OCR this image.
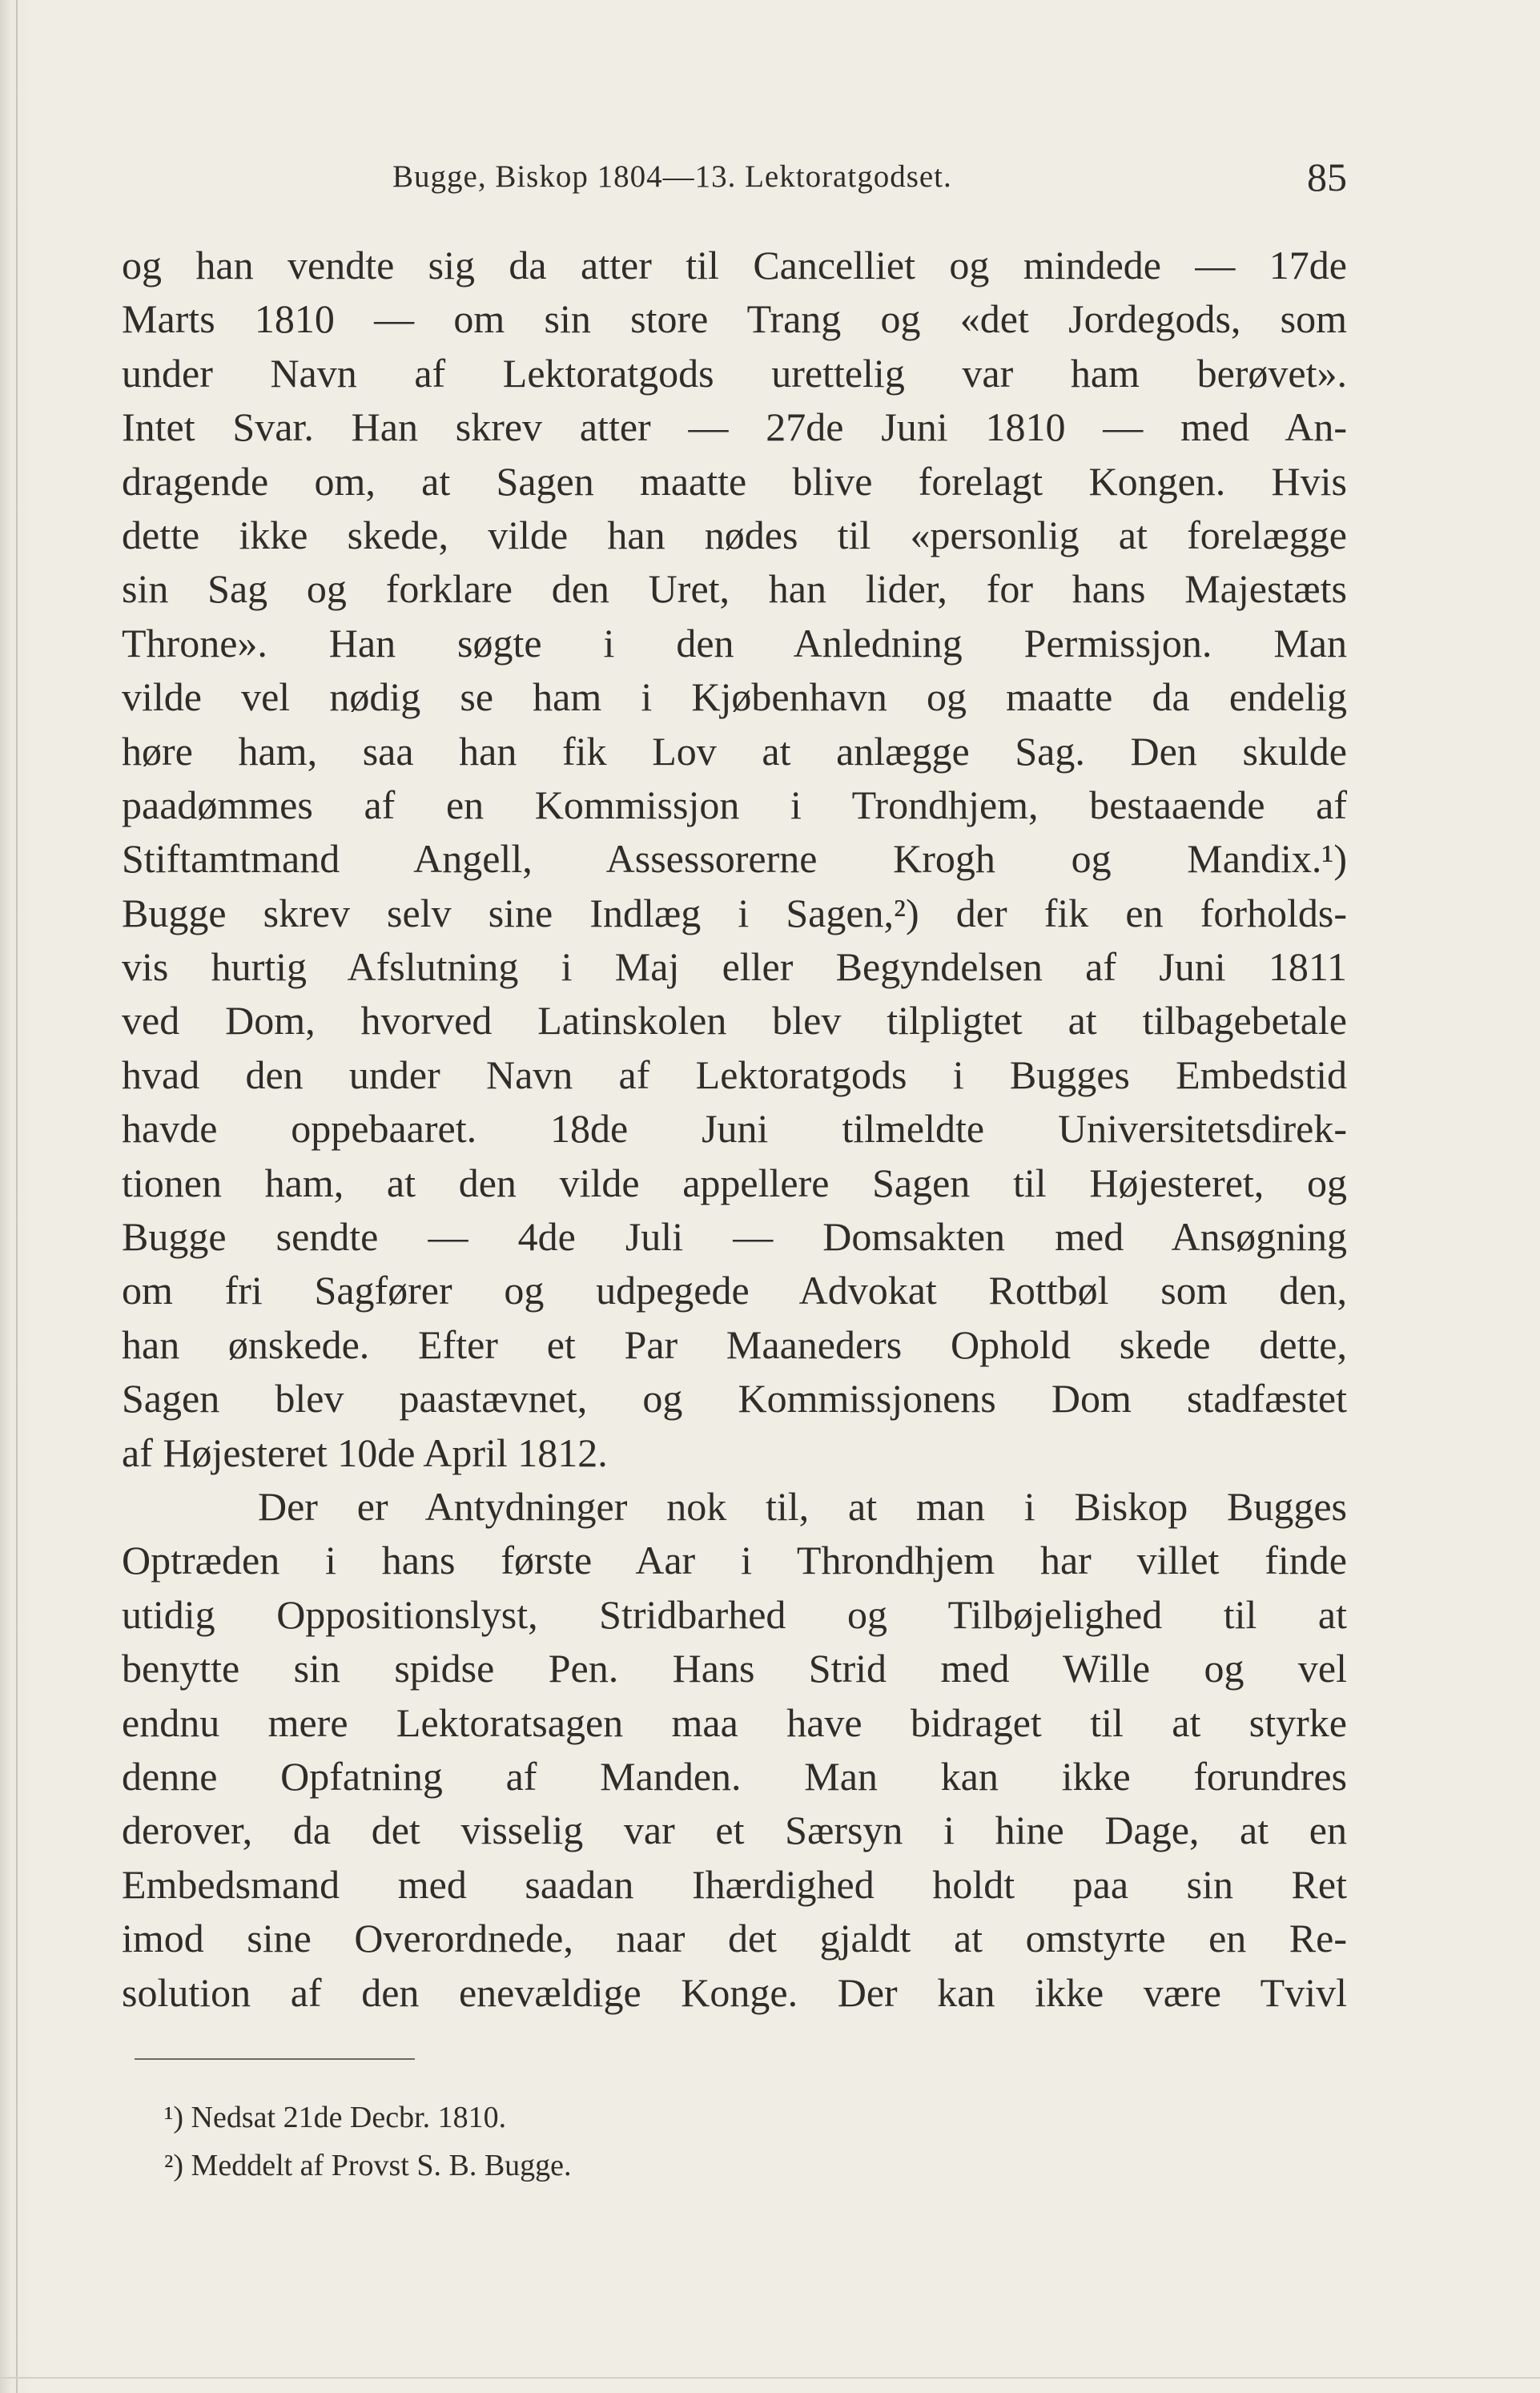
Bugge, Biskop 1804—13. Lektoratgodset.	85
og han vendte sig da atter til Cancelliet og mindede — 17de
Marts 1810 — om sin store Trang og «det Jordegods, som
under Navn af Lektoratgods urettelig var ham berøvet».
Intet Svar. Han skrev atter — 27de Juni 1810 — med An-
dragende om, at Sagen maatte blive forelagt Kongen. Hvis
dette ikke skede, vilde han nødes til «personlig at forelægge
sin Sag og forklare den Uret, han lider, for hans Majestæts
Throne». Han søgte i den Anledning Permissjon. Man
vilde vel nødig se ham i Kjøbenhavn og maatte da endelig
høre ham, saa han fik Lov at anlægge Sag. Den skulde
paadømmes af en Kommissjon i Trondhjem, bestaaende af
Stiftamtmand Angell, Assessorerne Krogh og Mandix.¹)
Bugge skrev selv sine Indlæg i Sagen,²) der fik en forholds-
vis hurtig Afslutning i Maj eller Begyndelsen af Juni 1811
ved Dom, hvorved Latinskolen blev tilpligtet at tilbagebetale
hvad den under Navn af Lektoratgods i Bugges Embedstid
havde oppebaaret. 18de Juni tilmeldte Universitetsdirek-
tionen ham, at den vilde appellere Sagen til Højesteret, og
Bugge sendte — 4de Juli — Domsakten med Ansøgning
om fri Sagfører og udpegede Advokat Rottbøl som den,
han ønskede. Efter et Par Maaneders Ophold skede dette,
Sagen blev paastævnet, og Kommissjonens Dom stadfæstet
af Højesteret 10de April 1812.
Der er Antydninger nok til, at man i Biskop Bugges
Optræden i hans første Aar i Throndhjem har villet finde
utidig Oppositionslyst, Stridbarhed og Tilbøjelighed til at
benytte sin spidse Pen. Hans Strid med Wille og vel
endnu mere Lektoratsagen maa have bidraget til at styrke
denne Opfatning af Manden. Man kan ikke forundres
derover, da det visselig var et Særsyn i hine Dage, at en
Embedsmand med saadan Ihærdighed holdt paa sin Ret
imod sine Overordnede, naar det gjaldt at omstyrte en Re-
solution af den enevældige Konge. Der kan ikke være Tvivl
¹) Nedsat 21de Decbr. 1810.
²) Meddelt af Provst S. B. Bugge.
